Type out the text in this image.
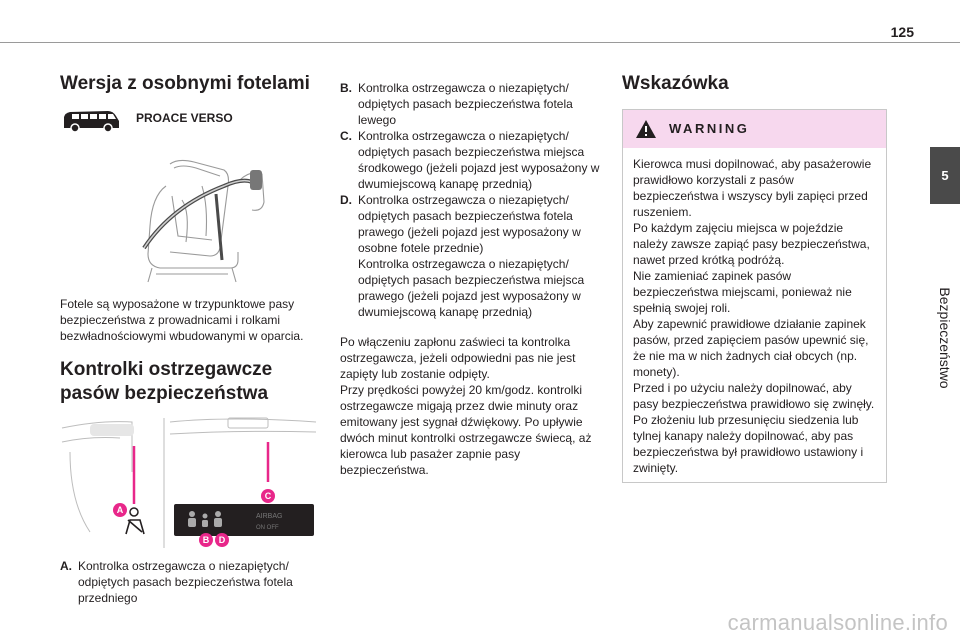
125
5
Bezpieczeństwo
Wersja z osobnymi fotelami
PROACE VERSO

Fotele są wyposażone w trzypunktowe pasy bezpieczeństwa z prowadnicami i rolkami bezwładnościowymi wbudowanymi w oparcia.

Kontrolki ostrzegawcze pasów bezpieczeństwa
AIRBAG
ON OFF
A
C
B D
A. Kontrolka ostrzegawcza o niezapiętych/ odpiętych pasach bezpieczeństwa fotela przedniego
B. Kontrolka ostrzegawcza o niezapiętych/ odpiętych pasach bezpieczeństwa fotela lewego
C. Kontrolka ostrzegawcza o niezapiętych/ odpiętych pasach bezpieczeństwa miejsca środkowego (jeżeli pojazd jest wyposażony w dwumiejscową kanapę przednią)
D. Kontrolka ostrzegawcza o niezapiętych/ odpiętych pasach bezpieczeństwa fotela prawego (jeżeli pojazd jest wyposażony w osobne fotele przednie)
Kontrolka ostrzegawcza o niezapiętych/ odpiętych pasach bezpieczeństwa miejsca prawego (jeżeli pojazd jest wyposażony w dwumiejscową kanapę przednią)

Po włączeniu zapłonu zaświeci ta kontrolka ostrzegawcza, jeżeli odpowiedni pas nie jest zapięty lub zostanie odpięty.

Przy prędkości powyżej 20 km/godz. kontrolki ostrzegawcze migają przez dwie minuty oraz emitowany jest sygnał dźwiękowy. Po upływie dwóch minut kontrolki ostrzegawcze świecą, aż kierowca lub pasażer zapnie pasy bezpieczeństwa.

Wskazówka
WARNING

Kierowca musi dopilnować, aby pasażerowie prawidłowo korzystali z pasów bezpieczeństwa i wszyscy byli zapięci przed ruszeniem.

Po każdym zajęciu miejsca w pojeździe należy zawsze zapiąć pasy bezpieczeństwa, nawet przed krótką podróżą.

Nie zamieniać zapinek pasów bezpieczeństwa miejscami, ponieważ nie spełnią swojej roli.

Aby zapewnić prawidłowe działanie zapinek pasów, przed zapięciem pasów upewnić się, że nie ma w nich żadnych ciał obcych (np. monety).

Przed i po użyciu należy dopilnować, aby pasy bezpieczeństwa prawidłowo się zwinęły.

Po złożeniu lub przesunięciu siedzenia lub tylnej kanapy należy dopilnować, aby pas bezpieczeństwa był prawidłowo ustawiony i zwinięty.

carmanualsonline.info
